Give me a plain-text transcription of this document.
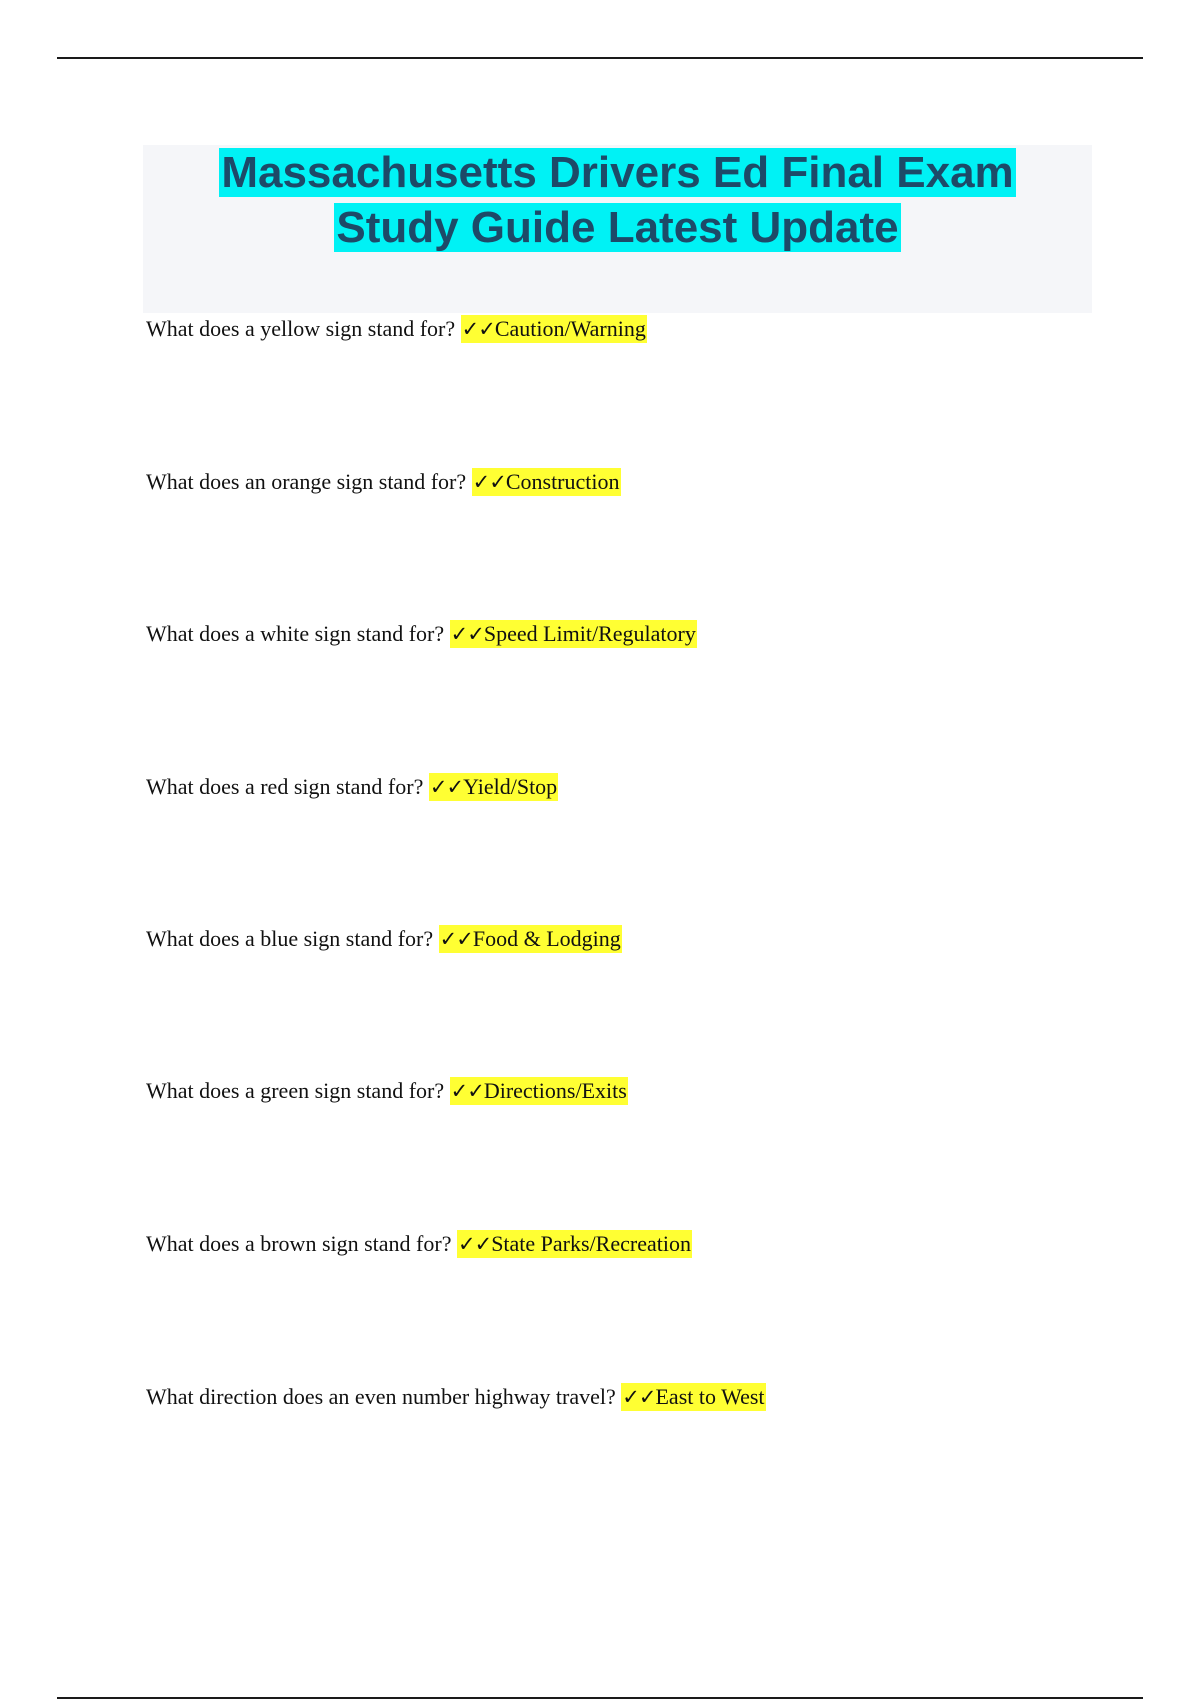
Massachusetts Drivers Ed Final Exam
Study Guide Latest Update
What does a yellow sign stand for? ✓✓Caution/Warning
What does an orange sign stand for? ✓✓Construction
What does a white sign stand for? ✓✓Speed Limit/Regulatory
What does a red sign stand for? ✓✓Yield/Stop
What does a blue sign stand for? ✓✓Food & Lodging
What does a green sign stand for? ✓✓Directions/Exits
What does a brown sign stand for? ✓✓State Parks/Recreation
What direction does an even number highway travel? ✓✓East to West
